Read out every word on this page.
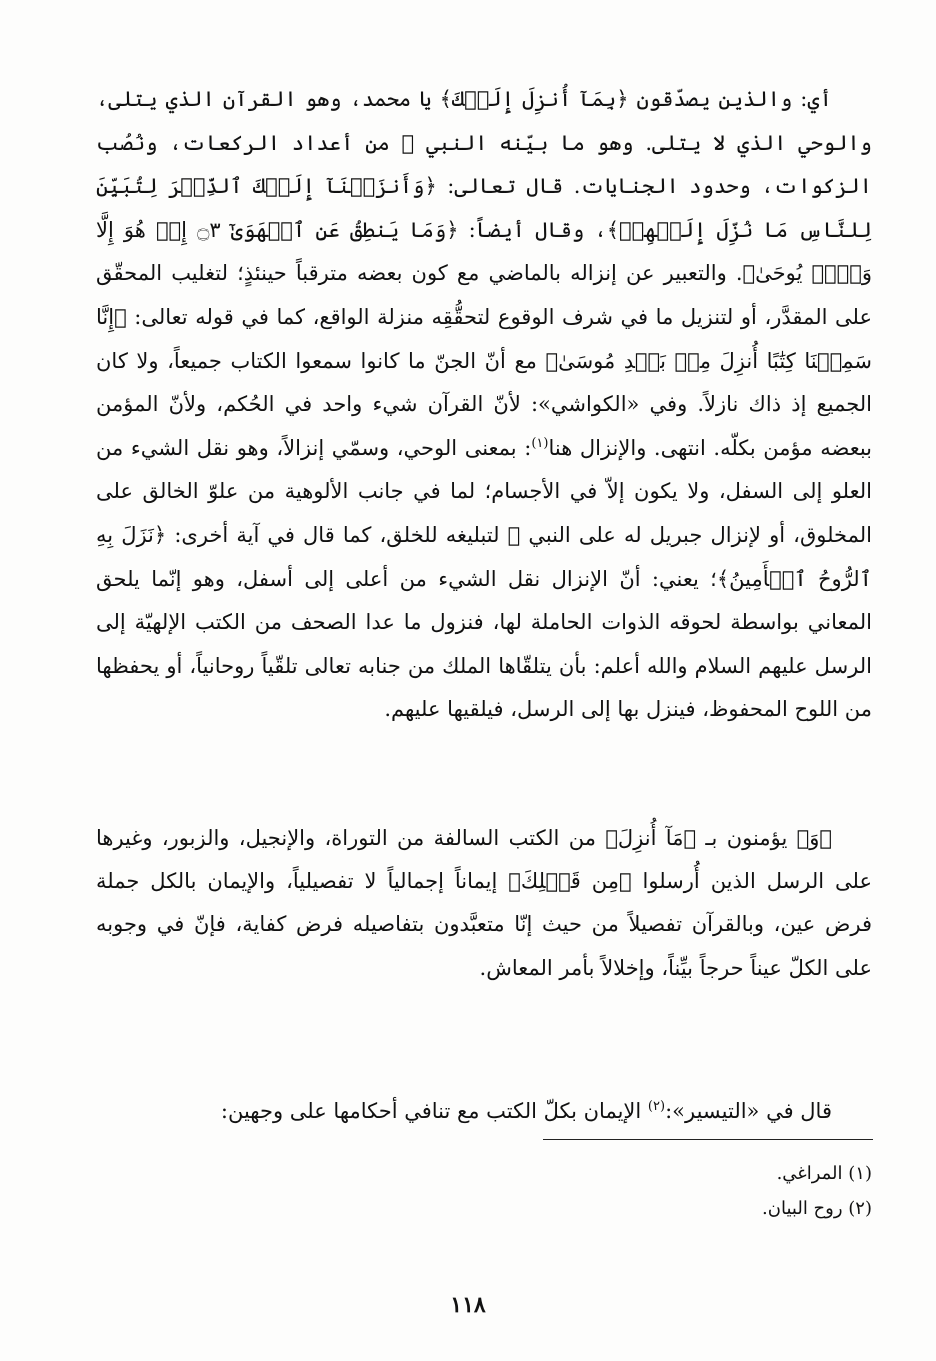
أي: والذين يصدّقون ﴿بِمَآ أُنزِلَ إِلَيۡكَ﴾ يا محمد، وهو القرآن الذي يتلى، والوحي الذي لا يتلى. وهو ما بيّنه النبي ﷺ من أعداد الركعات، ونُصُب الزكوات، وحدود الجنايات. قال تعالى: ﴿وَأَنزَلۡنَآ إِلَيۡكَ ٱلذِّكۡرَ لِتُبَيِّنَ لِلنَّاسِ مَا نُزِّلَ إِلَيۡهِمۡ﴾، وقال أيضاً: ﴿وَمَا يَنطِقُ عَنِ ٱلۡهَوَىٰٓ ۝٣ إِنۡ هُوَ إِلَّا وَحۡيٞ يُوحَىٰ﴾. والتعبير عن إنزاله بالماضي مع كون بعضه مترقباً حينئذٍ؛ لتغليب المحقّق على المقدَّر، أو لتنزيل ما في شرف الوقوع لتحقُّقِه منزلة الواقع، كما في قوله تعالى: ﴿إِنَّا سَمِعۡنَا كِتَٰبًا أُنزِلَ مِنۢ بَعۡدِ مُوسَىٰ﴾ مع أنّ الجنّ ما كانوا سمعوا الكتاب جميعاً، ولا كان الجميع إذ ذاك نازلاً. وفي «الكواشي»: لأنّ القرآن شيء واحد في الحُكم، ولأنّ المؤمن ببعضه مؤمن بكلّه. انتهى. والإنزال هنا$^{(١)}$: بمعنى الوحي، وسمّي إنزالاً، وهو نقل الشيء من العلو إلى السفل، ولا يكون إلاّ في الأجسام؛ لما في جانب الألوهية من علوّ الخالق على المخلوق، أو لإنزال جبريل له على النبي ﷺ لتبليغه للخلق، كما قال في آية أخرى: ﴿نَزَلَ بِهِ ٱلرُّوحُ ٱلۡأَمِينُ﴾؛ يعني: أنّ الإنزال نقل الشيء من أعلى إلى أسفل، وهو إنّما يلحق المعاني بواسطة لحوقه الذوات الحاملة لها، فنزول ما عدا الصحف من الكتب الإلهيّة إلى الرسل عليهم السلام والله أعلم: بأن يتلقّاها الملك من جنابه تعالى تلقّياً روحانياً، أو يحفظها من اللوح المحفوظ، فينزل بها إلى الرسل، فيلقيها عليهم.
﴿وَ﴾ يؤمنون بـ ﴿مَآ أُنزِلَ﴾ من الكتب السالفة من التوراة، والإنجيل، والزبور، وغيرها على الرسل الذين أُرسلوا ﴿مِن قَبۡلِكَ﴾ إيماناً إجمالياً لا تفصيلياً، والإيمان بالكل جملة فرض عين، وبالقرآن تفصيلاً من حيث إنّا متعبَّدون بتفاصيله فرض كفاية، فإنّ في وجوبه على الكلّ عيناً حرجاً بيِّناً، وإخلالاً بأمر المعاش.
قال في «التيسير»:$^{(٢)}$ الإيمان بكلّ الكتب مع تنافي أحكامها على وجهين:
(١) المراغي.
(٢) روح البيان.
١١٨
